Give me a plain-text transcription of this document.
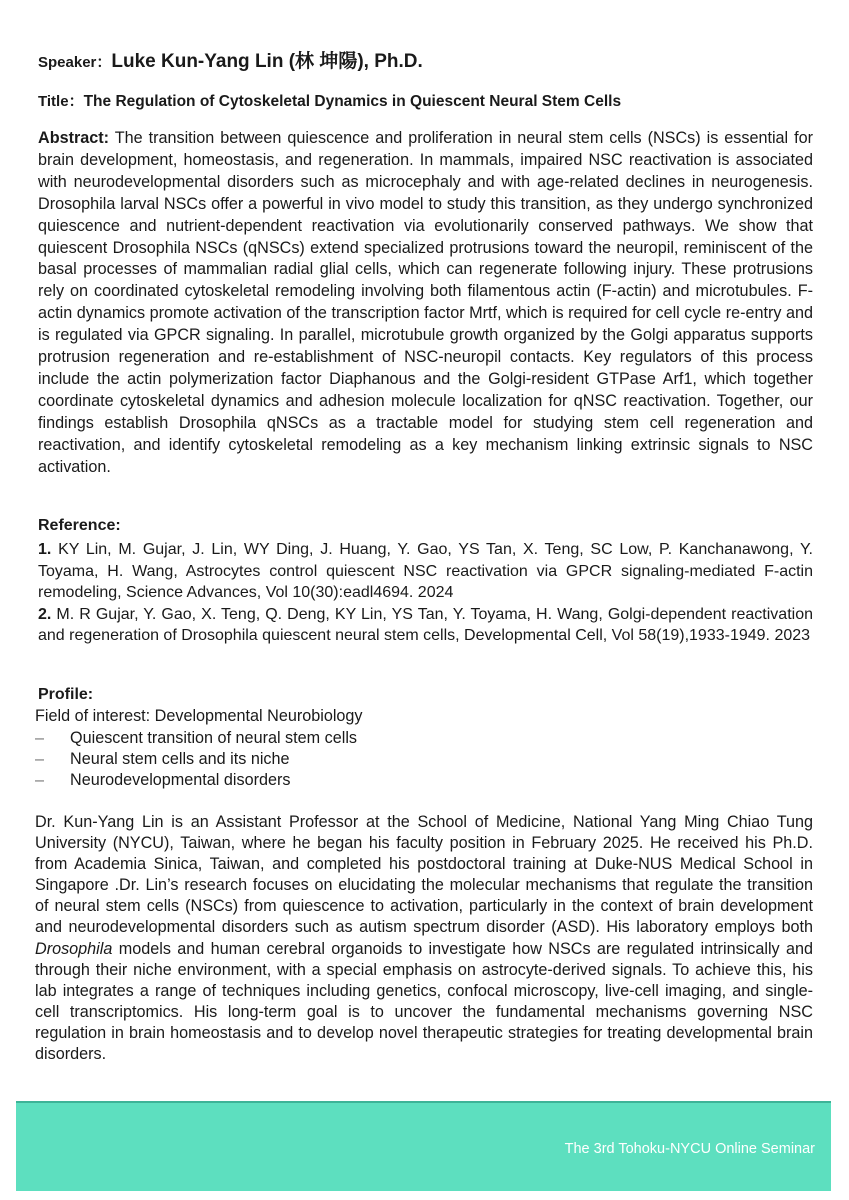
Speaker：Luke Kun-Yang Lin (林 坤陽), Ph.D.
Title：The Regulation of Cytoskeletal Dynamics in Quiescent Neural Stem Cells

Abstract: The transition between quiescence and proliferation in neural stem cells (NSCs) is essential for brain development, homeostasis, and regeneration. In mammals, impaired NSC reactivation is associated with neurodevelopmental disorders such as microcephaly and with age-related declines in neurogenesis. Drosophila larval NSCs offer a powerful in vivo model to study this transition, as they undergo synchronized quiescence and nutrient-dependent reactivation via evolutionarily conserved pathways. We show that quiescent Drosophila NSCs (qNSCs) extend specialized protrusions toward the neuropil, reminiscent of the basal processes of mammalian radial glial cells, which can regenerate following injury. These protrusions rely on coordinated cytoskeletal remodeling involving both filamentous actin (F-actin) and microtubules. F-actin dynamics promote activation of the transcription factor Mrtf, which is required for cell cycle re-entry and is regulated via GPCR signaling. In parallel, microtubule growth organized by the Golgi apparatus supports protrusion regeneration and re-establishment of NSC-neuropil contacts. Key regulators of this process include the actin polymerization factor Diaphanous and the Golgi-resident GTPase Arf1, which together coordinate cytoskeletal dynamics and adhesion molecule localization for qNSC reactivation. Together, our findings establish Drosophila qNSCs as a tractable model for studying stem cell regeneration and reactivation, and identify cytoskeletal remodeling as a key mechanism linking extrinsic signals to NSC activation.

Reference:

1. KY Lin, M. Gujar, J. Lin, WY Ding, J. Huang, Y. Gao, YS Tan, X. Teng, SC Low, P. Kanchanawong, Y. Toyama, H. Wang, Astrocytes control quiescent NSC reactivation via GPCR signaling-mediated F-actin remodeling, Science Advances, Vol 10(30):eadl4694. 2024

2. M. R Gujar, Y. Gao, X. Teng, Q. Deng, KY Lin, YS Tan, Y. Toyama, H. Wang, Golgi-dependent reactivation and regeneration of Drosophila quiescent neural stem cells, Developmental Cell, Vol 58(19),1933-1949. 2023

Profile:
Field of interest: Developmental Neurobiology
– Quiescent transition of neural stem cells
– Neural stem cells and its niche
– Neurodevelopmental disorders

Dr. Kun-Yang Lin is an Assistant Professor at the School of Medicine, National Yang Ming Chiao Tung University (NYCU), Taiwan, where he began his faculty position in February 2025. He received his Ph.D. from Academia Sinica, Taiwan, and completed his postdoctoral training at Duke-NUS Medical School in Singapore .Dr. Lin’s research focuses on elucidating the molecular mechanisms that regulate the transition of neural stem cells (NSCs) from quiescence to activation, particularly in the context of brain development and neurodevelopmental disorders such as autism spectrum disorder (ASD). His laboratory employs both Drosophila models and human cerebral organoids to investigate how NSCs are regulated intrinsically and through their niche environment, with a special emphasis on astrocyte-derived signals. To achieve this, his lab integrates a range of techniques including genetics, confocal microscopy, live-cell imaging, and single-cell transcriptomics. His long-term goal is to uncover the fundamental mechanisms governing NSC regulation in brain homeostasis and to develop novel therapeutic strategies for treating developmental brain disorders.

The 3rd Tohoku-NYCU Online Seminar
